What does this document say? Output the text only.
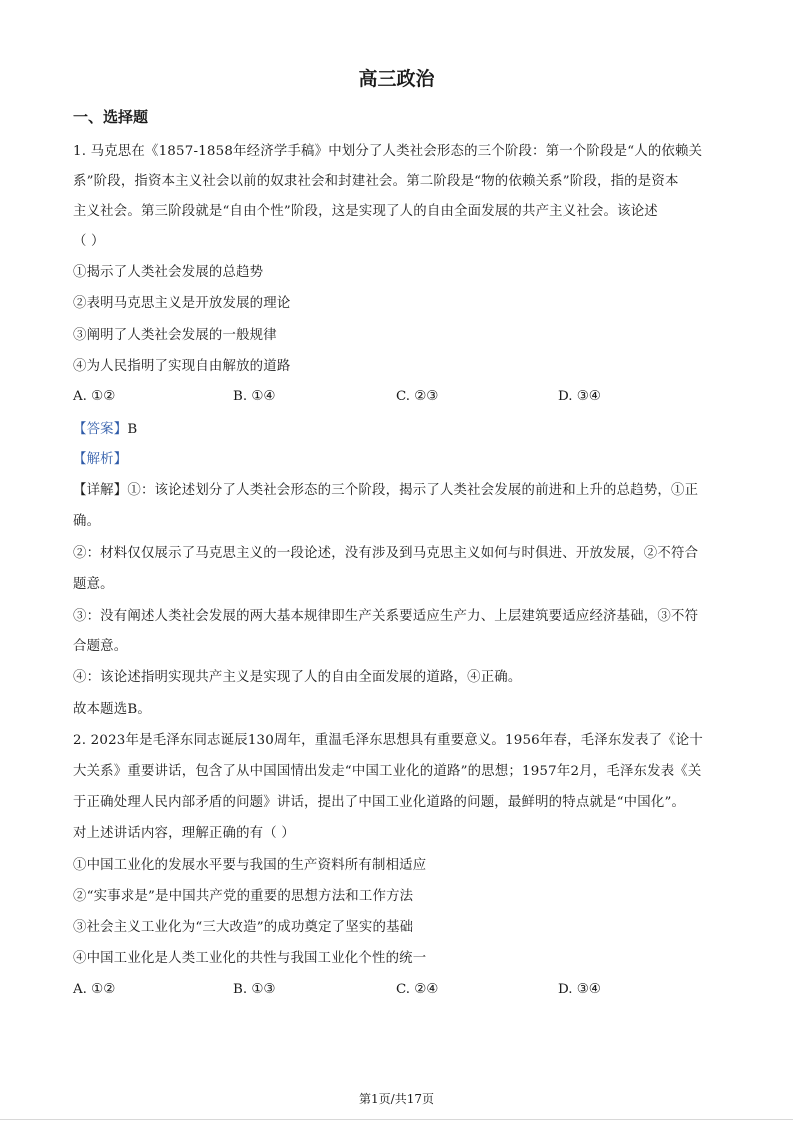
高三政治
一、选择题
1. 马克思在《1857-1858年经济学手稿》中划分了人类社会形态的三个阶段：第一个阶段是“人的依赖关
系”阶段，指资本主义社会以前的奴隶社会和封建社会。第二阶段是“物的依赖关系”阶段，指的是资本
主义社会。第三阶段就是“自由个性”阶段，这是实现了人的自由全面发展的共产主义社会。该论述
（ ）
①揭示了人类社会发展的总趋势
②表明马克思主义是开放发展的理论
③阐明了人类社会发展的一般规律
④为人民指明了实现自由解放的道路
A. ①②	B. ①④	C. ②③	D. ③④
【答案】B
【解析】
【详解】①：该论述划分了人类社会形态的三个阶段，揭示了人类社会发展的前进和上升的总趋势，①正
确。
②：材料仅仅展示了马克思主义的一段论述，没有涉及到马克思主义如何与时俱进、开放发展，②不符合
题意。
③：没有阐述人类社会发展的两大基本规律即生产关系要适应生产力、上层建筑要适应经济基础，③不符
合题意。
④：该论述指明实现共产主义是实现了人的自由全面发展的道路，④正确。
故本题选B。
2. 2023年是毛泽东同志诞辰130周年，重温毛泽东思想具有重要意义。1956年春，毛泽东发表了《论十
大关系》重要讲话，包含了从中国国情出发走“中国工业化的道路”的思想；1957年2月，毛泽东发表《关
于正确处理人民内部矛盾的问题》讲话，提出了中国工业化道路的问题，最鲜明的特点就是“中国化”。
对上述讲话内容，理解正确的有（ ）
①中国工业化的发展水平要与我国的生产资料所有制相适应
②“实事求是”是中国共产党的重要的思想方法和工作方法
③社会主义工业化为“三大改造”的成功奠定了坚实的基础
④中国工业化是人类工业化的共性与我国工业化个性的统一
A. ①②	B. ①③	C. ②④	D. ③④
第1页/共17页
